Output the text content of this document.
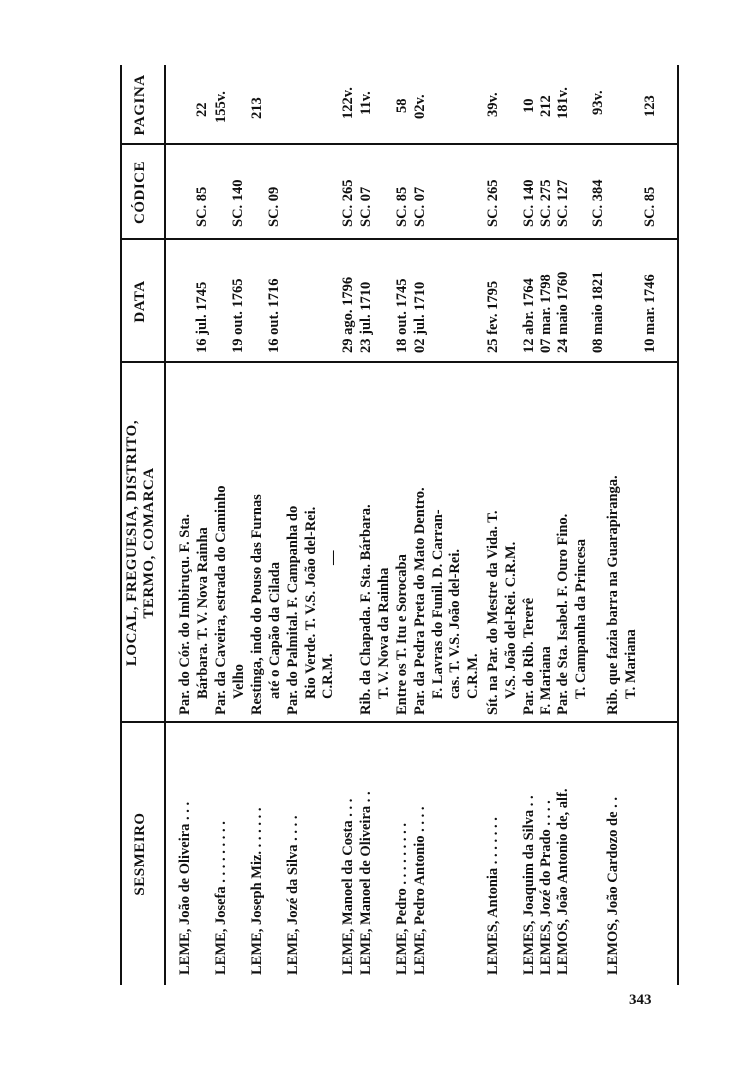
SESMEIRO
LOCAL, FREGUESIA, DISTRITO, TERMO, COMARCA
DATA
CÓDICE
PAGINA
LEME, João de Oliveira . . .
Par. do Cór. do Imbiruçu. F. Sta. Bárbara. T. V. Nova Rainha
16 jul. 1745
SC. 85
22
LEME, Josefa . . . . . . . . .
Par. da Caveira, estrada do Caminho Velho
19 out. 1765
SC. 140
155v.
LEME, Joseph Miz. . . . . . .
Restinga, indo do Pouso das Furnas até o Capão da Cilada
16 out. 1716
SC. 09
213
LEME, Jozé da Silva . . . .
Par. do Palmital. F. Campanha do Rio Verde. T. V.S. João del-Rei. C.R.M.
LEME, Manoel da Costa . . .
—
29 ago. 1796
SC. 265
122v.
LEME, Manoel de Oliveira . .
Rib. da Chapada. F. Sta. Bárbara. T. V. Nova da Rainha
23 jul. 1710
SC. 07
11v.
LEME, Pedro . . . . . . . . .
Entre os T. Itu e Sorocaba
18 out. 1745
SC. 85
58
LEME, Pedro Antonio . . . .
Par. da Pedra Preta do Mato Dentro. F. Lavras do Funil. D. Carran- cas. T. V.S. João del-Rei. C.R.M.
02 jul. 1710
SC. 07
02v.
LEMES, Antonia . . . . . . .
Sít. na Par. do Mestre da Vida. T. V.S. João del-Rei. C.R.M.
25 fev. 1795
SC. 265
39v.
LEMES, Joaquim da Silva . .
Par. do Rib. Tererê
12 abr. 1764
SC. 140
10
LEMES, Jozé do Prado . . . .
F. Mariana
07 mar. 1798
SC. 275
212
LEMOS, João Antonio de, alf.
Par. de Sta. Isabel. F. Ouro Fino. T. Campanha da Princesa
24 maio 1760
SC. 127
181v.
LEMOS, João Cardozo de . .
Rib. que fazia barra na Guarapiranga. T. Mariana
08 maio 1821
SC. 384
93v.
10 mar. 1746
SC. 85
123
343
